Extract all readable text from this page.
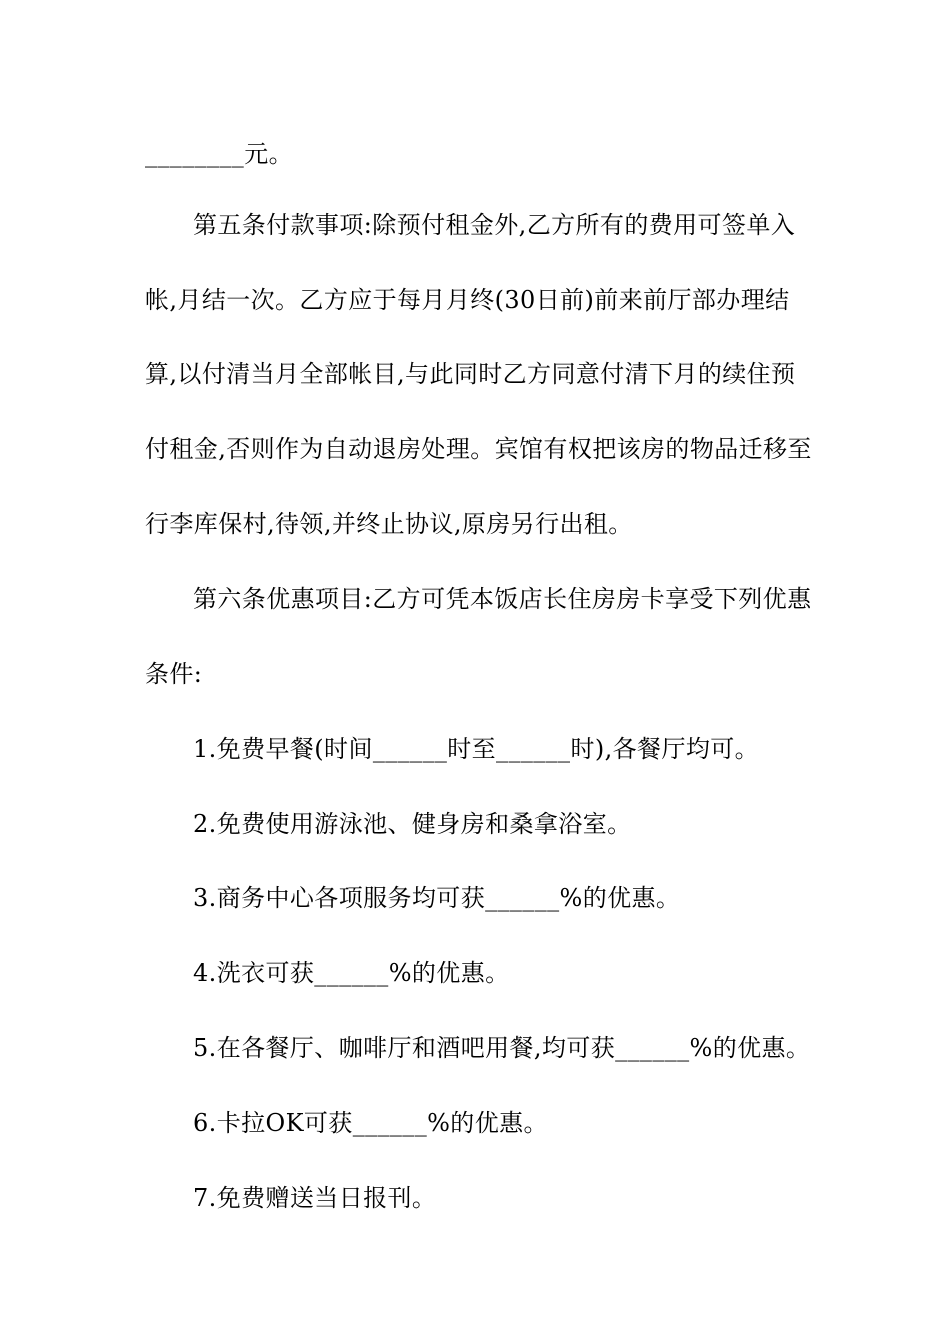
________元。
第五条付款事项:除预付租金外,乙方所有的费用可签单入
帐,月结一次。乙方应于每月月终(30日前)前来前厅部办理结
算,以付清当月全部帐目,与此同时乙方同意付清下月的续住预
付租金,否则作为自动退房处理。宾馆有权把该房的物品迁移至
行李库保村,待领,并终止协议,原房另行出租。
第六条优惠项目:乙方可凭本饭店长住房房卡享受下列优惠
条件:
1.免费早餐(时间______时至______时),各餐厅均可。
2.免费使用游泳池、健身房和桑拿浴室。
3.商务中心各项服务均可获______%的优惠。
4.洗衣可获______%的优惠。
5.在各餐厅、咖啡厅和酒吧用餐,均可获______%的优惠。
6.卡拉OK可获______%的优惠。
7.免费赠送当日报刊。
